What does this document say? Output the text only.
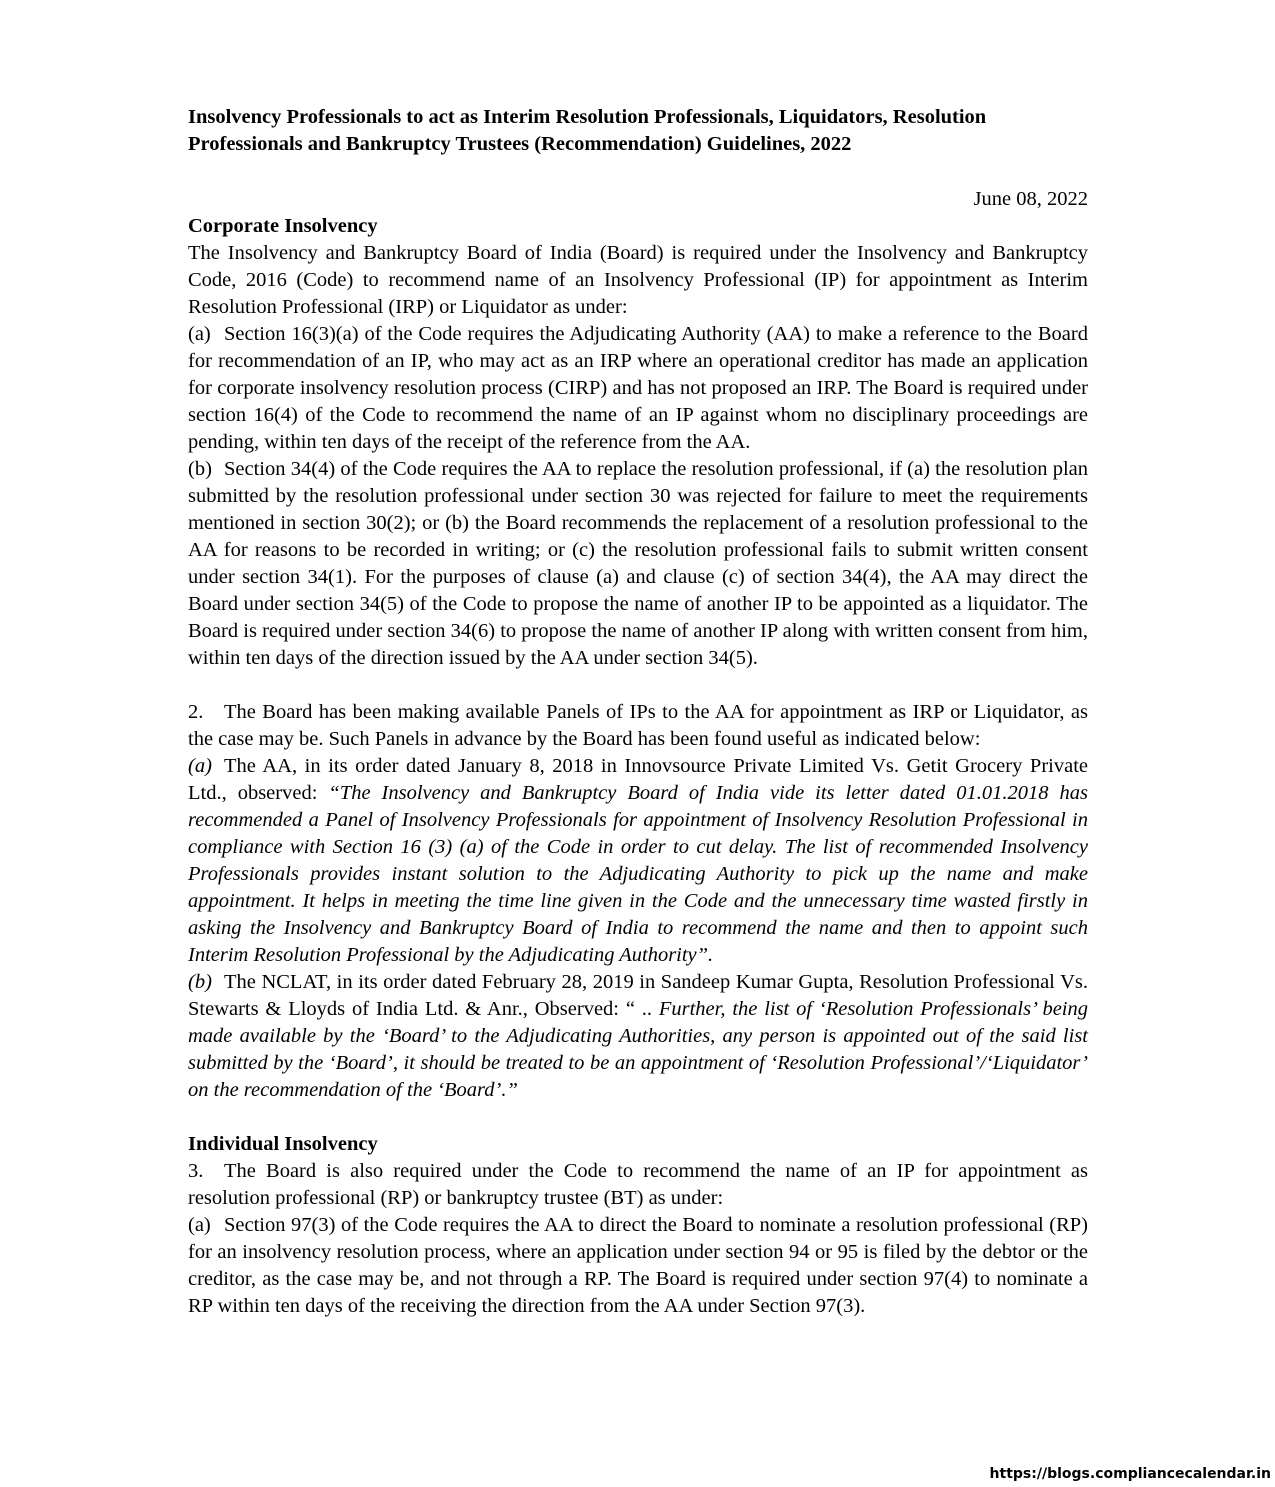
Insolvency Professionals to act as Interim Resolution Professionals, Liquidators, Resolution Professionals and Bankruptcy Trustees (Recommendation) Guidelines, 2022

June 08, 2022
Corporate Insolvency

The Insolvency and Bankruptcy Board of India (Board) is required under the Insolvency and Bankruptcy Code, 2016 (Code) to recommend name of an Insolvency Professional (IP) for appointment as Interim Resolution Professional (IRP) or Liquidator as under:

(a) Section 16(3)(a) of the Code requires the Adjudicating Authority (AA) to make a reference to the Board for recommendation of an IP, who may act as an IRP where an operational creditor has made an application for corporate insolvency resolution process (CIRP) and has not proposed an IRP. The Board is required under section 16(4) of the Code to recommend the name of an IP against whom no disciplinary proceedings are pending, within ten days of the receipt of the reference from the AA.

(b) Section 34(4) of the Code requires the AA to replace the resolution professional, if (a) the resolution plan submitted by the resolution professional under section 30 was rejected for failure to meet the requirements mentioned in section 30(2); or (b) the Board recommends the replacement of a resolution professional to the AA for reasons to be recorded in writing; or (c) the resolution professional fails to submit written consent under section 34(1). For the purposes of clause (a) and clause (c) of section 34(4), the AA may direct the Board under section 34(5) of the Code to propose the name of another IP to be appointed as a liquidator. The Board is required under section 34(6) to propose the name of another IP along with written consent from him, within ten days of the direction issued by the AA under section 34(5).

2. The Board has been making available Panels of IPs to the AA for appointment as IRP or Liquidator, as the case may be. Such Panels in advance by the Board has been found useful as indicated below:

(a) The AA, in its order dated January 8, 2018 in Innovsource Private Limited Vs. Getit Grocery Private Ltd., observed: “The Insolvency and Bankruptcy Board of India vide its letter dated 01.01.2018 has recommended a Panel of Insolvency Professionals for appointment of Insolvency Resolution Professional in compliance with Section 16 (3) (a) of the Code in order to cut delay. The list of recommended Insolvency Professionals provides instant solution to the Adjudicating Authority to pick up the name and make appointment. It helps in meeting the time line given in the Code and the unnecessary time wasted firstly in asking the Insolvency and Bankruptcy Board of India to recommend the name and then to appoint such Interim Resolution Professional by the Adjudicating Authority”.

(b) The NCLAT, in its order dated February 28, 2019 in Sandeep Kumar Gupta, Resolution Professional Vs. Stewarts & Lloyds of India Ltd. & Anr., Observed: “ .. Further, the list of ‘Resolution Professionals’ being made available by the ‘Board’ to the Adjudicating Authorities, any person is appointed out of the said list submitted by the ‘Board’, it should be treated to be an appointment of ‘Resolution Professional’/‘Liquidator’ on the recommendation of the ‘Board’.”

Individual Insolvency

3. The Board is also required under the Code to recommend the name of an IP for appointment as resolution professional (RP) or bankruptcy trustee (BT) as under:

(a) Section 97(3) of the Code requires the AA to direct the Board to nominate a resolution professional (RP) for an insolvency resolution process, where an application under section 94 or 95 is filed by the debtor or the creditor, as the case may be, and not through a RP. The Board is required under section 97(4) to nominate a RP within ten days of the receiving the direction from the AA under Section 97(3).

https://blogs.compliancecalendar.in
